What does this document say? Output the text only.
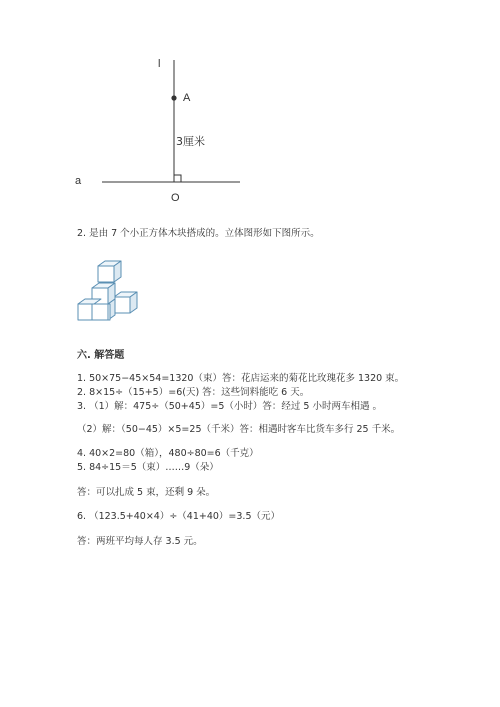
l
A
3厘米
a
O
2. 是由 7 个小正方体木块搭成的。立体图形如下图所示。
六. 解答题
1. 50×75−45×54=1320（束）答：花店运来的菊花比玫瑰花多 1320 束。
2. 8×15÷（15+5）=6(天) 答：这些饲料能吃 6 天。
3. （1）解：475÷（50+45）=5（小时）答：经过 5 小时两车相遇 。
（2）解：（50−45）×5=25（千米）答：相遇时客车比货车多行 25 千米。
4. 40×2=80（箱），480÷80=6（千克）
5. 84÷15＝5（束）……9（朵）
答：可以扎成 5 束，还剩 9 朵。
6. （123.5+40×4）÷（41+40）=3.5（元）
答：两班平均每人存 3.5 元。
